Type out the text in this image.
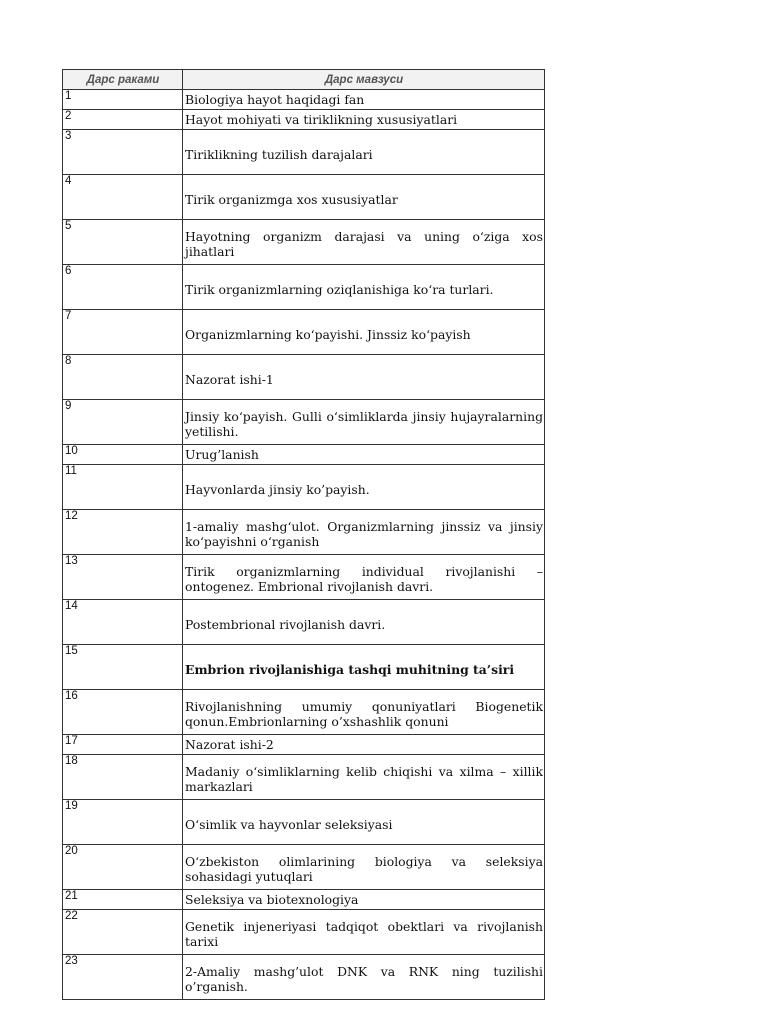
Дарс раками	Дарс мавзуси
1	Biologiya hayot haqidagi fan
2	Hayot mohiyati va tiriklikning xususiyatlari
3	Tiriklikning tuzilish darajalari
4	Tirik organizmga xos xususiyatlar
5	Hayotning organizm darajasi va uning o‘ziga xos jihatlari
6	Tirik organizmlarning oziqlanishiga ko‘ra turlari.
7	Organizmlarning ko‘payishi. Jinssiz ko‘payish
8	Nazorat ishi-1
9	Jinsiy ko‘payish. Gulli o‘simliklarda jinsiy hujayralarning yetilishi.
10	Urug’lanish
11	Hayvonlarda jinsiy ko’payish.
12	1-amaliy mashg‘ulot. Organizmlarning jinssiz va jinsiy ko‘payishni o‘rganish
13	Tirik organizmlarning individual rivojlanishi – ontogenez. Embrional rivojlanish davri.
14	Postembrional rivojlanish davri.
15	Embrion rivojlanishiga tashqi muhitning ta’siri
16	Rivojlanishning umumiy qonuniyatlari Biogenetik qonun.Embrionlarning o’xshashlik qonuni
17	Nazorat ishi-2
18	Madaniy o‘simliklarning kelib chiqishi va xilma – xillik markazlari
19	O‘simlik va hayvonlar seleksiyasi
20	O‘zbekiston olimlarining biologiya va seleksiya sohasidagi yutuqlari
21	Seleksiya va biotexnologiya
22	Genetik injeneriyasi tadqiqot obektlari va rivojlanish tarixi
23	2-Amaliy mashg’ulot DNK va RNK ning tuzilishi o’rganish.
